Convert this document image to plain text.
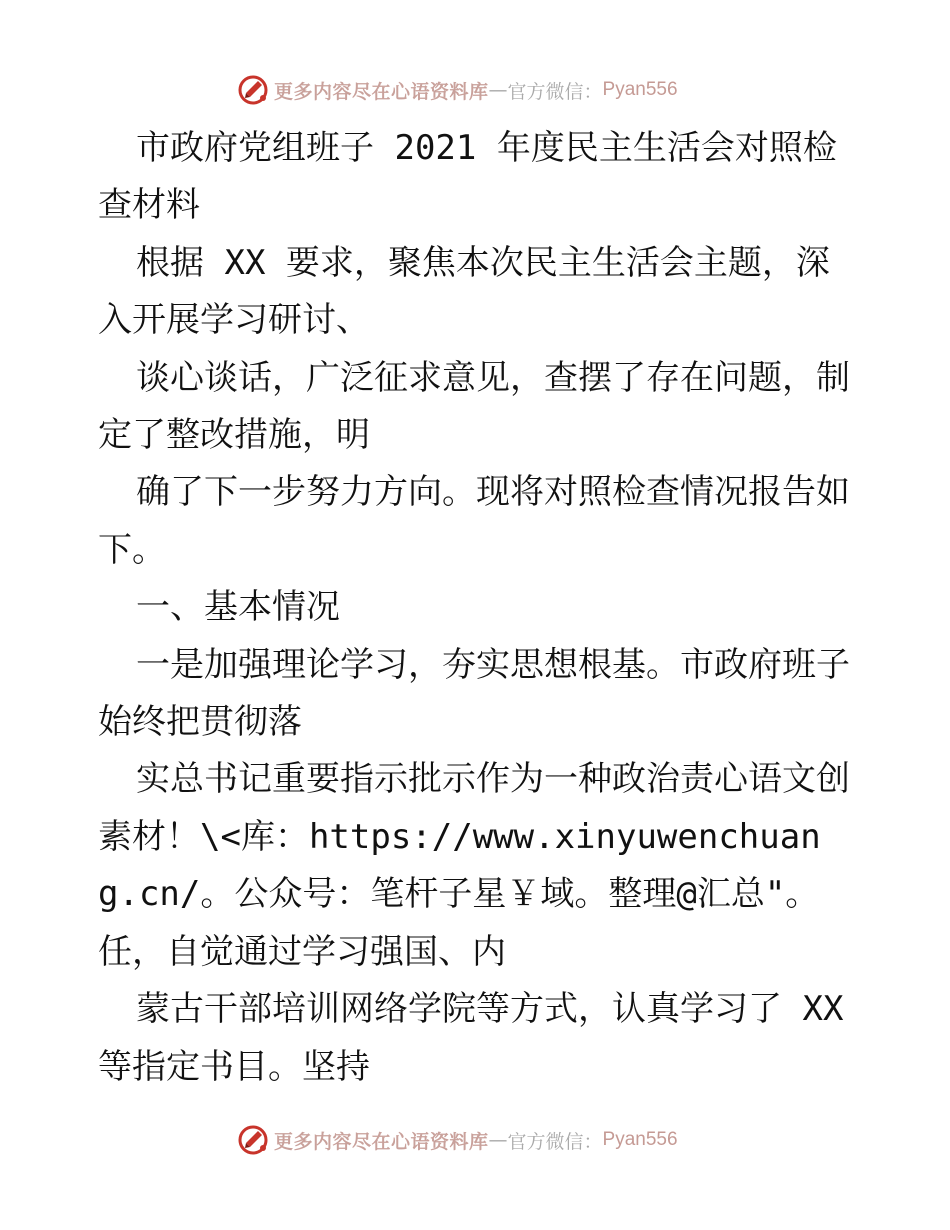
更多内容尽在心语资料库 — 官方微信： Pyan556

市政府党组班子 2021 年度民主生活会对照检查材料

根据 XX 要求，聚焦本次民主生活会主题，深入开展学习研讨、

谈心谈话，广泛征求意见，查摆了存在问题，制定了整改措施，明

确了下一步努力方向。现将对照检查情况报告如下。

一、基本情况

一是加强理论学习，夯实思想根基。市政府班子始终把贯彻落

实总书记重要指示批示作为一种政治责心语文创素材！\<库：https://www.xinyuwenchuang.cn/。公众号：笔杆子星￥域。整理@汇总"。任，自觉通过学习强国、内

蒙古干部培训网络学院等方式，认真学习了 XX 等指定书目。坚持

更多内容尽在心语资料库 — 官方微信： Pyan556
